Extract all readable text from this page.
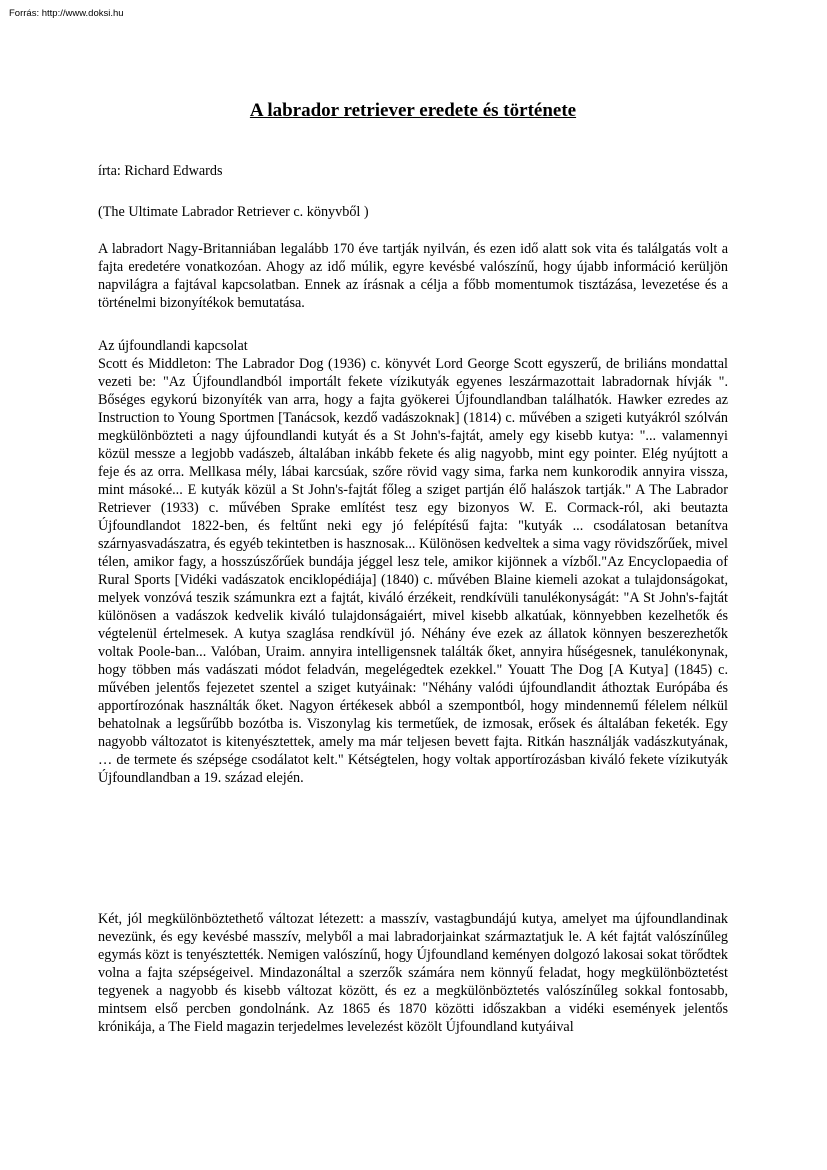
Forrás: http://www.doksi.hu
A labrador retriever eredete és története

írta: Richard Edwards

(The Ultimate Labrador Retriever c. könyvből )

A labradort Nagy-Britanniában legalább 170 éve tartják nyilván, és ezen idő alatt sok vita és találgatás volt a fajta eredetére vonatkozóan. Ahogy az idő múlik, egyre kevésbé valószínű, hogy újabb információ kerüljön napvilágra a fajtával kapcsolatban. Ennek az írásnak a célja a főbb momentumok tisztázása, levezetése és a történelmi bizonyítékok bemutatása.

Az újfoundlandi kapcsolat
Scott és Middleton: The Labrador Dog (1936) c. könyvét Lord George Scott egyszerű, de briliáns mondattal vezeti be: "Az Újfoundlandból importált fekete vízikutyák egyenes leszármazottait labradornak hívják ". Bőséges egykorú bizonyíték van arra, hogy a fajta gyökerei Újfoundlandban találhatók. Hawker ezredes az Instruction to Young Sportmen [Tanácsok, kezdő vadászoknak] (1814) c. művében a szigeti kutyákról szólván megkülönbözteti a nagy újfoundlandi kutyát és a St John's-fajtát, amely egy kisebb kutya: "... valamennyi közül messze a legjobb vadászeb, általában inkább fekete és alig nagyobb, mint egy pointer. Elég nyújtott a feje és az orra. Mellkasa mély, lábai karcsúak, szőre rövid vagy sima, farka nem kunkorodik annyira vissza, mint másoké... E kutyák közül a St John's-fajtát főleg a sziget partján élő halászok tartják." A The Labrador Retriever (1933) c. művében Sprake említést tesz egy bizonyos W. E. Cormack-ról, aki beutazta Újfoundlandot 1822-ben, és feltűnt neki egy jó felépítésű fajta: "kutyák ... csodálatosan betanítva szárnyasvadászatra, és egyéb tekintetben is hasznosak... Különösen kedveltek a sima vagy rövidszőrűek, mivel télen, amikor fagy, a hosszúszőrűek bundája jéggel lesz tele, amikor kijönnek a vízből."Az Encyclopaedia of Rural Sports [Vidéki vadászatok enciklopédiája] (1840) c. művében Blaine kiemeli azokat a tulajdonságokat, melyek vonzóvá teszik számunkra ezt a fajtát, kiváló érzékeit, rendkívüli tanulékonyságát: "A St John's-fajtát különösen a vadászok kedvelik kiváló tulajdonságaiért, mivel kisebb alkatúak, könnyebben kezelhetők és végtelenül értelmesek. A kutya szaglása rendkívül jó. Néhány éve ezek az állatok könnyen beszerezhetők voltak Poole-ban... Valóban, Uraim. annyira intelligensnek találták őket, annyira hűségesnek, tanulékonynak, hogy többen más vadászati módot feladván, megelégedtek ezekkel." Youatt The Dog [A Kutya] (1845) c. művében jelentős fejezetet szentel a sziget kutyáinak: "Néhány valódi újfoundlandit áthoztak Európába és apportírozónak használták őket. Nagyon értékesek abból a szempontból, hogy mindennemű félelem nélkül behatolnak a legsűrűbb bozótba is. Viszonylag kis termetűek, de izmosak, erősek és általában feketék. Egy nagyobb változatot is kitenyésztettek, amely ma már teljesen bevett fajta. Ritkán használják vadászkutyának, … de termete és szépsége csodálatot kelt." Kétségtelen, hogy voltak apportírozásban kiváló fekete vízikutyák Újfoundlandban a 19. század elején.

Két, jól megkülönböztethető változat létezett: a masszív, vastagbundájú kutya, amelyet ma újfoundlandinak nevezünk, és egy kevésbé masszív, melyből a mai labradorjainkat származtatjuk le. A két fajtát valószínűleg egymás közt is tenyésztették. Nemigen valószínű, hogy Újfoundland keményen dolgozó lakosai sokat törődtek volna a fajta szépségeivel. Mindazonáltal a szerzők számára nem könnyű feladat, hogy megkülönböztetést tegyenek a nagyobb és kisebb változat között, és ez a megkülönböztetés valószínűleg sokkal fontosabb, mintsem első percben gondolnánk. Az 1865 és 1870 közötti időszakban a vidéki események jelentős krónikája, a The Field magazin terjedelmes levelezést közölt Újfoundland kutyáival
